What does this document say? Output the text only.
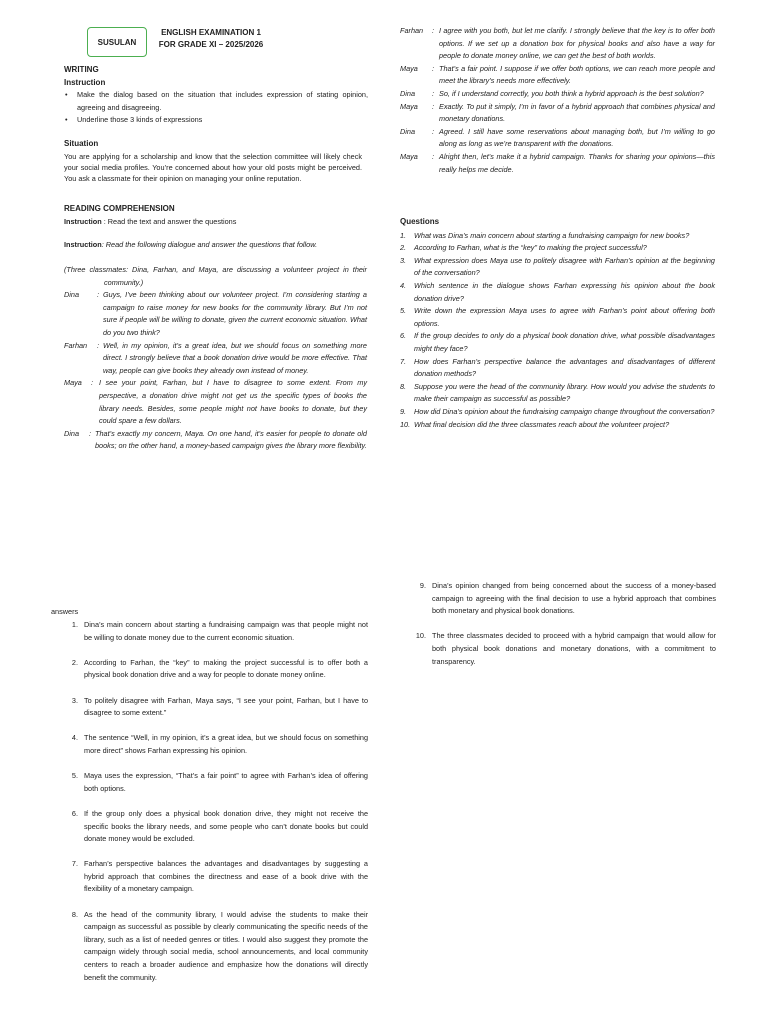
SUSULAN
ENGLISH EXAMINATION 1
FOR GRADE XI – 2025/2026
WRITING
Instruction
• Make the dialog based on the situation that includes expression of stating opinion, agreeing and disagreeing.
• Underline those 3 kinds of expressions
Situation
You are applying for a scholarship and know that the selection committee will likely check your social media profiles. You’re concerned about how your old posts might be perceived. You ask a classmate for their opinion on managing your online reputation.
READING COMPREHENSION
Instruction : Read the text and answer the questions
Instruction: Read the following dialogue and answer the questions that follow.
(Three classmates: Dina, Farhan, and Maya, are discussing a volunteer project in their community.)
Dina	: Guys, I’ve been thinking about our volunteer project. I’m considering starting a campaign to raise money for new books for the community library. But I’m not sure if people will be willing to donate, given the current economic situation. What do you two think?
Farhan	: Well, in my opinion, it’s a great idea, but we should focus on something more direct. I strongly believe that a book donation drive would be more effective. That way, people can give books they already own instead of money.
Maya	: I see your point, Farhan, but I have to disagree to some extent. From my perspective, a donation drive might not get us the specific types of books the library needs. Besides, some people might not have books to donate, but they could spare a few dollars.
Dina	: That’s exactly my concern, Maya. On one hand, it’s easier for people to donate old books; on the other hand, a money-based campaign gives the library more flexibility.
Farhan	: I agree with you both, but let me clarify. I strongly believe that the key is to offer both options. If we set up a donation box for physical books and also have a way for people to donate money online, we can get the best of both worlds.
Maya	: That’s a fair point. I suppose if we offer both options, we can reach more people and meet the library’s needs more effectively.
Dina	: So, if I understand correctly, you both think a hybrid approach is the best solution?
Maya	: Exactly. To put it simply, I’m in favor of a hybrid approach that combines physical and monetary donations.
Dina	: Agreed. I still have some reservations about managing both, but I’m willing to go along as long as we’re transparent with the donations.
Maya	: Alright then, let’s make it a hybrid campaign. Thanks for sharing your opinions—this really helps me decide.
Questions
1.	What was Dina’s main concern about starting a fundraising campaign for new books?
2.	According to Farhan, what is the “key” to making the project successful?
3.	What expression does Maya use to politely disagree with Farhan’s opinion at the beginning of the conversation?
4.	Which sentence in the dialogue shows Farhan expressing his opinion about the book donation drive?
5.	Write down the expression Maya uses to agree with Farhan’s point about offering both options.
6.	If the group decides to only do a physical book donation drive, what possible disadvantages might they face?
7.	How does Farhan’s perspective balance the advantages and disadvantages of different donation methods?
8.	Suppose you were the head of the community library. How would you advise the students to make their campaign as successful as possible?
9.	How did Dina’s opinion about the fundraising campaign change throughout the conversation?
10. What final decision did the three classmates reach about the volunteer project?
answers
1. Dina’s main concern about starting a fundraising campaign was that people might not be willing to donate money due to the current economic situation.
2. According to Farhan, the “key” to making the project successful is to offer both a physical book donation drive and a way for people to donate money online.
3. To politely disagree with Farhan, Maya says, “I see your point, Farhan, but I have to disagree to some extent.”
4. The sentence “Well, in my opinion, it’s a great idea, but we should focus on something more direct” shows Farhan expressing his opinion.
5. Maya uses the expression, “That’s a fair point” to agree with Farhan’s idea of offering both options.
6. If the group only does a physical book donation drive, they might not receive the specific books the library needs, and some people who can’t donate books but could donate money would be excluded.
7. Farhan’s perspective balances the advantages and disadvantages by suggesting a hybrid approach that combines the directness and ease of a book drive with the flexibility of a monetary campaign.
8. As the head of the community library, I would advise the students to make their campaign as successful as possible by clearly communicating the specific needs of the library, such as a list of needed genres or titles. I would also suggest they promote the campaign widely through social media, school announcements, and local community centers to reach a broader audience and emphasize how the donations will directly benefit the community.
9. Dina’s opinion changed from being concerned about the success of a money-based campaign to agreeing with the final decision to use a hybrid approach that combines both monetary and physical book donations.
10. The three classmates decided to proceed with a hybrid campaign that would allow for both physical book donations and monetary donations, with a commitment to transparency.
